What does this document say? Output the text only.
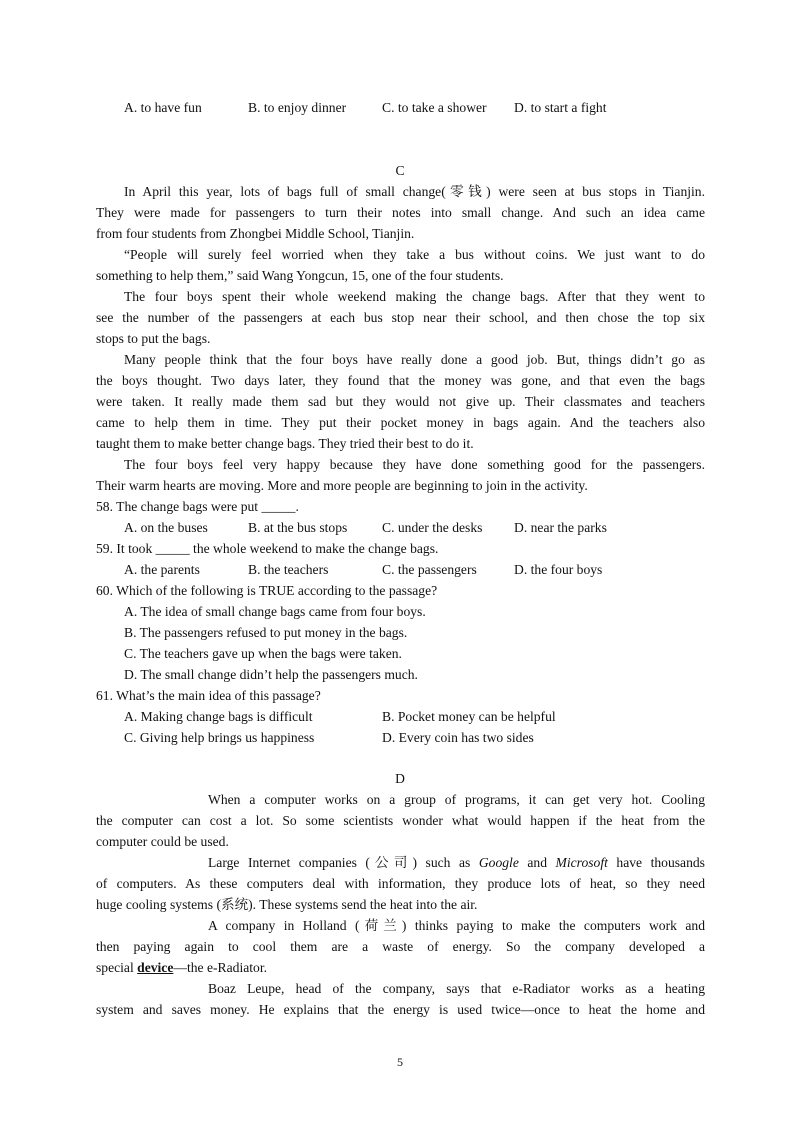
A. to have fun	B. to enjoy dinner	C. to take a shower D. to start a fight
C
In April this year, lots of bags full of small change(零钱) were seen at bus stops in Tianjin.
They were made for passengers to turn their notes into small change. And such an idea came
from four students from Zhongbei Middle School, Tianjin.
“People will surely feel worried when they take a bus without coins. We just want to do
something to help them,” said Wang Yongcun, 15, one of the four students.
The four boys spent their whole weekend making the change bags. After that they went to
see the number of the passengers at each bus stop near their school, and then chose the top six
stops to put the bags.
Many people think that the four boys have really done a good job. But, things didn’t go as
the boys thought. Two days later, they found that the money was gone, and that even the bags
were taken. It really made them sad but they would not give up. Their classmates and teachers
came to help them in time. They put their pocket money in bags again. And the teachers also
taught them to make better change bags. They tried their best to do it.
The four boys feel very happy because they have done something good for the passengers.
Their warm hearts are moving. More and more people are beginning to join in the activity.
58. The change bags were put _____.
A. on the buses	B. at the bus stops	C. under the desks D. near the parks
59. It took _____ the whole weekend to make the change bags.
A. the parents	B. the teachers	C. the passengers	D. the four boys
60. Which of the following is TRUE according to the passage?
A. The idea of small change bags came from four boys.
B. The passengers refused to put money in the bags.
C. The teachers gave up when the bags were taken.
D. The small change didn’t help the passengers much.
61. What’s the main idea of this passage?
A. Making change bags is difficult	B. Pocket money can be helpful
C. Giving help brings us happiness	D. Every coin has two sides
D
When a computer works on a group of programs, it can get very hot. Cooling
the computer can cost a lot. So some scientists wonder what would happen if the heat from the
computer could be used.
Large Internet companies (公司) such as Google and Microsoft have thousands
of computers. As these computers deal with information, they produce lots of heat, so they need
huge cooling systems (系统). These systems send the heat into the air.
A company in Holland (荷兰) thinks paying to make the computers work and
then paying again to cool them are a waste of energy. So the company developed a
special device—the e-Radiator.
Boaz Leupe, head of the company, says that e-Radiator works as a heating
system and saves money. He explains that the energy is used twice—once to heat the home and
5
